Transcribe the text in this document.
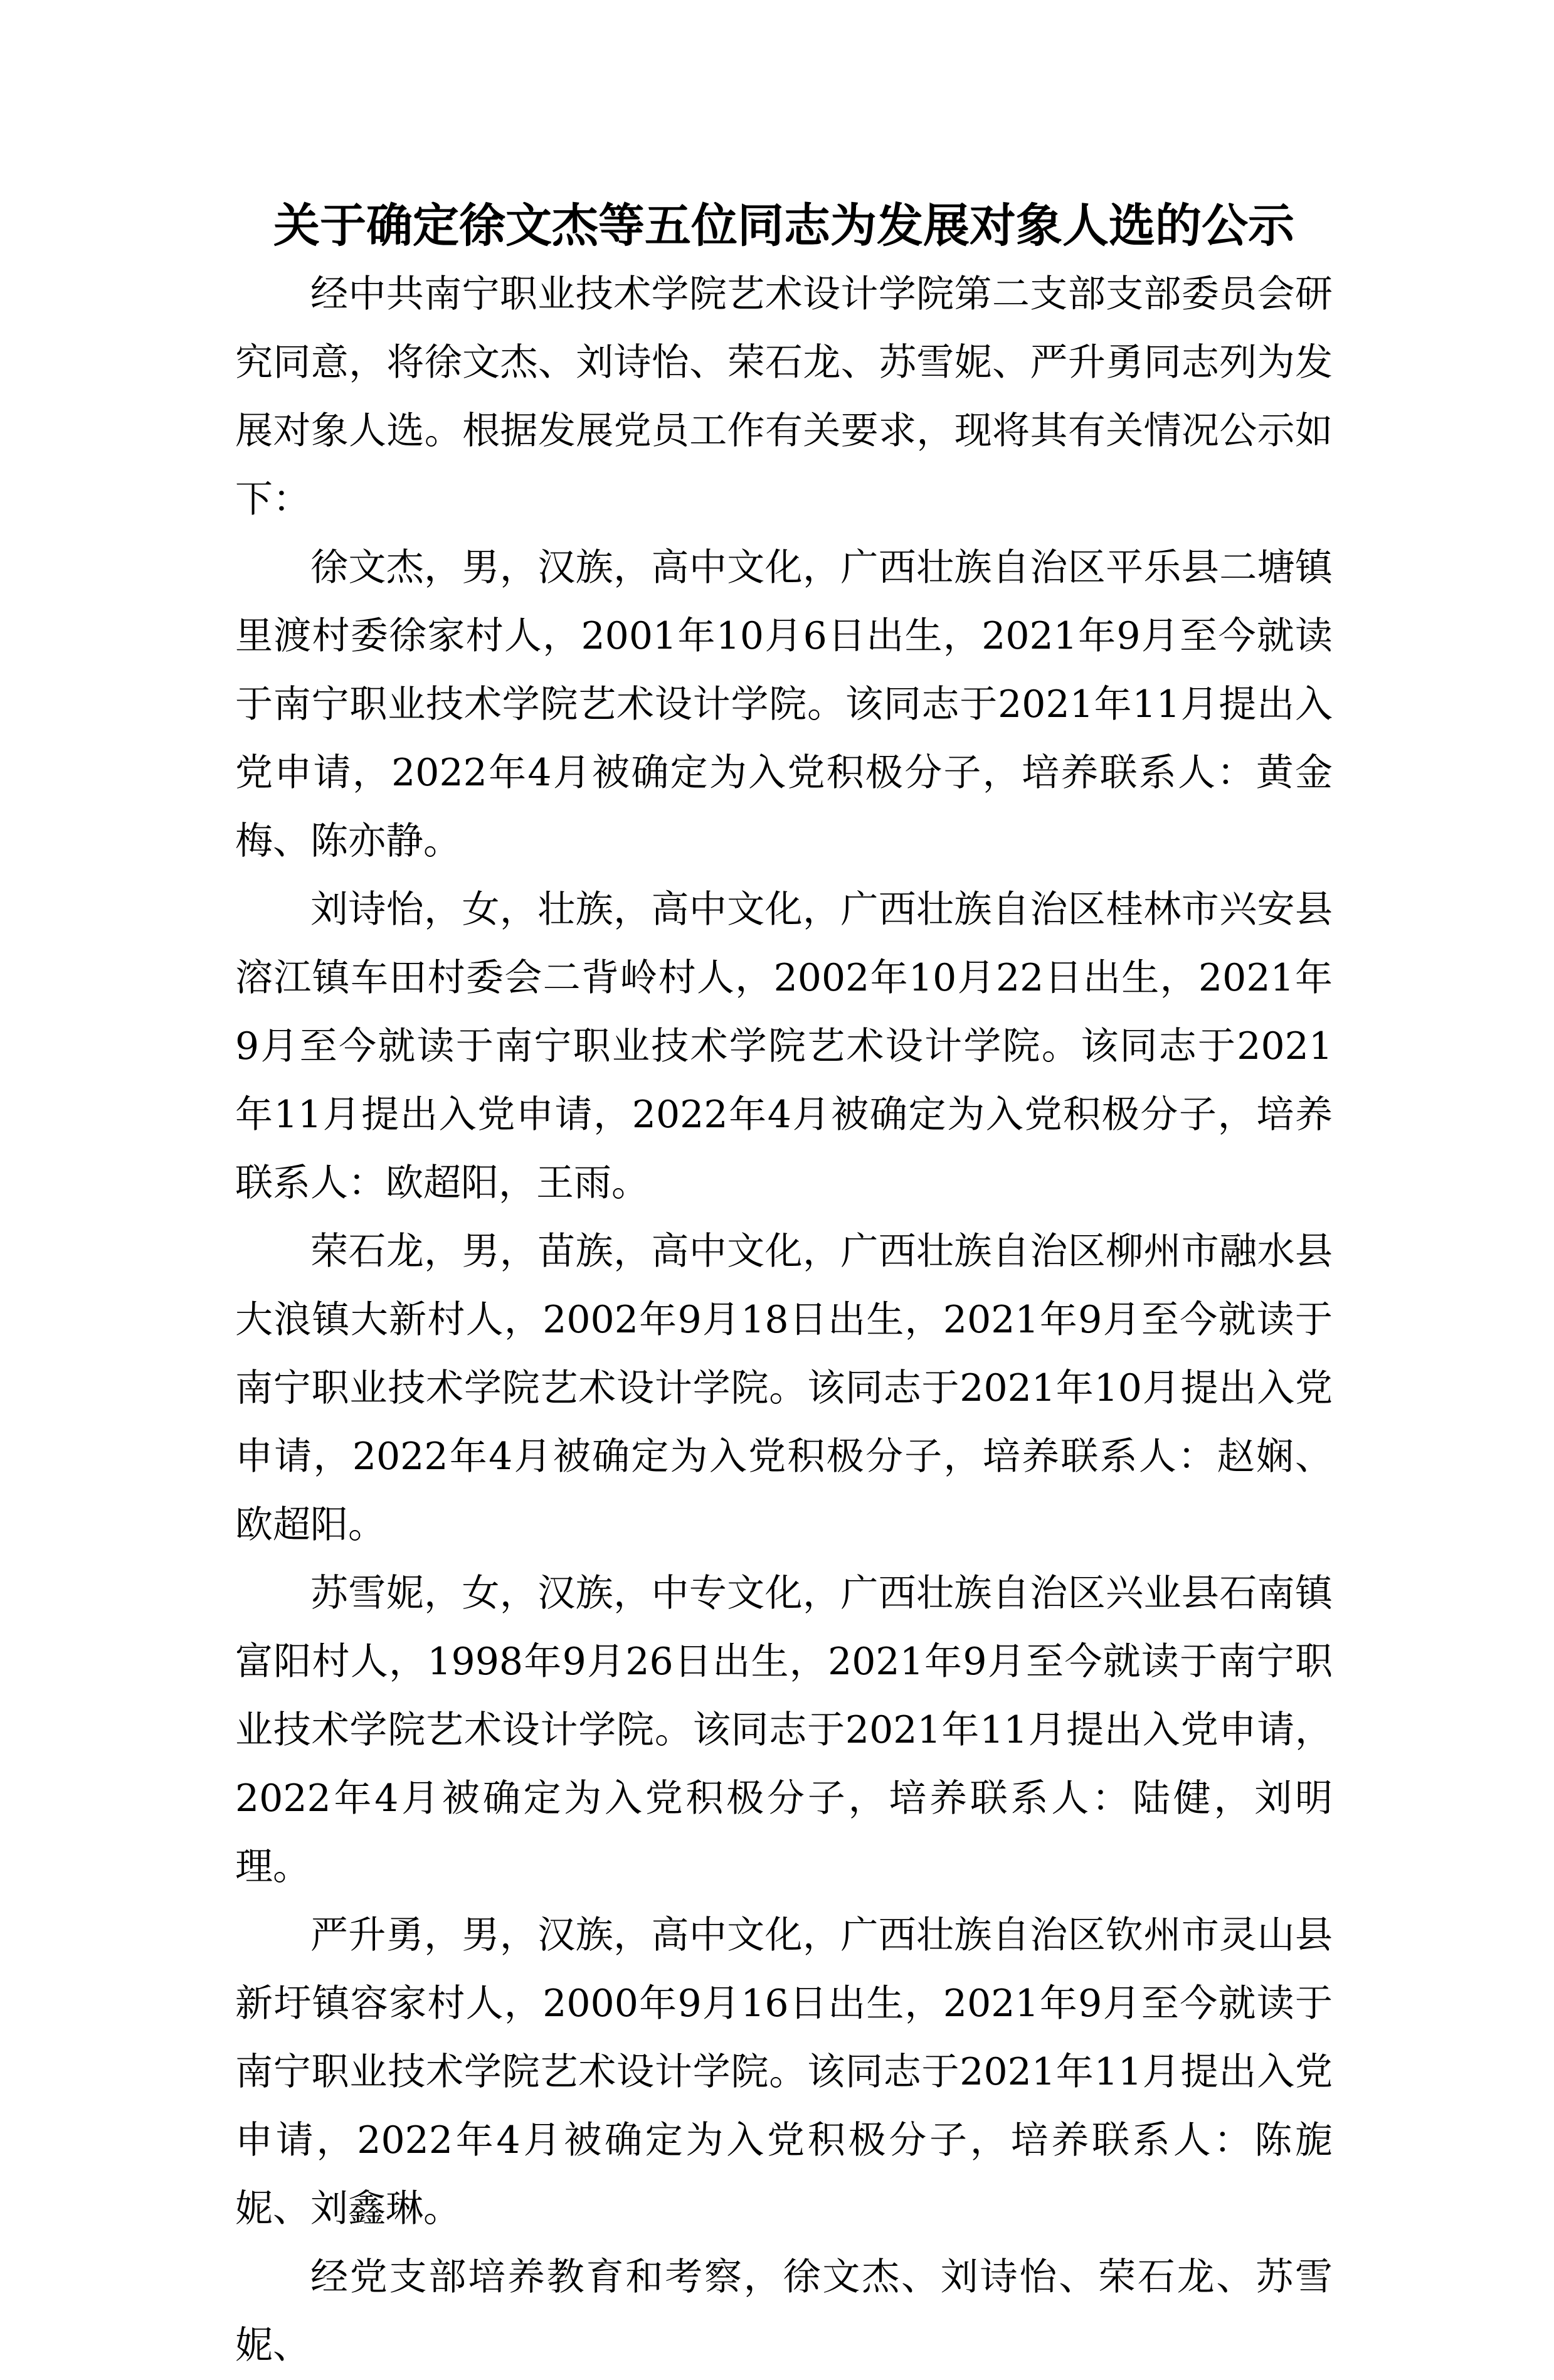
关于确定徐文杰等五位同志为发展对象人选的公示

经中共南宁职业技术学院艺术设计学院第二支部支部委员会研究同意，将徐文杰、刘诗怡、荣石龙、苏雪妮、严升勇同志列为发展对象人选。根据发展党员工作有关要求，现将其有关情况公示如下：

徐文杰，男，汉族，高中文化，广西壮族自治区平乐县二塘镇里渡村委徐家村人，2001年10月6日出生，2021年9月至今就读于南宁职业技术学院艺术设计学院。该同志于2021年11月提出入党申请，2022年4月被确定为入党积极分子，培养联系人：黄金梅、陈亦静。

刘诗怡，女，壮族，高中文化，广西壮族自治区桂林市兴安县溶江镇车田村委会二背岭村人，2002年10月22日出生，2021年9月至今就读于南宁职业技术学院艺术设计学院。该同志于2021年11月提出入党申请，2022年4月被确定为入党积极分子，培养联系人：欧超阳，王雨。

荣石龙，男，苗族，高中文化，广西壮族自治区柳州市融水县大浪镇大新村人，2002年9月18日出生，2021年9月至今就读于南宁职业技术学院艺术设计学院。该同志于2021年10月提出入党申请，2022年4月被确定为入党积极分子，培养联系人：赵娴、欧超阳。

苏雪妮，女，汉族，中专文化，广西壮族自治区兴业县石南镇富阳村人，1998年9月26日出生，2021年9月至今就读于南宁职业技术学院艺术设计学院。该同志于2021年11月提出入党申请，2022年4月被确定为入党积极分子，培养联系人：陆健，刘明理。

严升勇，男，汉族，高中文化，广西壮族自治区钦州市灵山县新圩镇容家村人，2000年9月16日出生，2021年9月至今就读于南宁职业技术学院艺术设计学院。该同志于2021年11月提出入党申请，2022年4月被确定为入党积极分子，培养联系人：陈旎妮、刘鑫琳。

经党支部培养教育和考察，徐文杰、刘诗怡、荣石龙、苏雪妮、
